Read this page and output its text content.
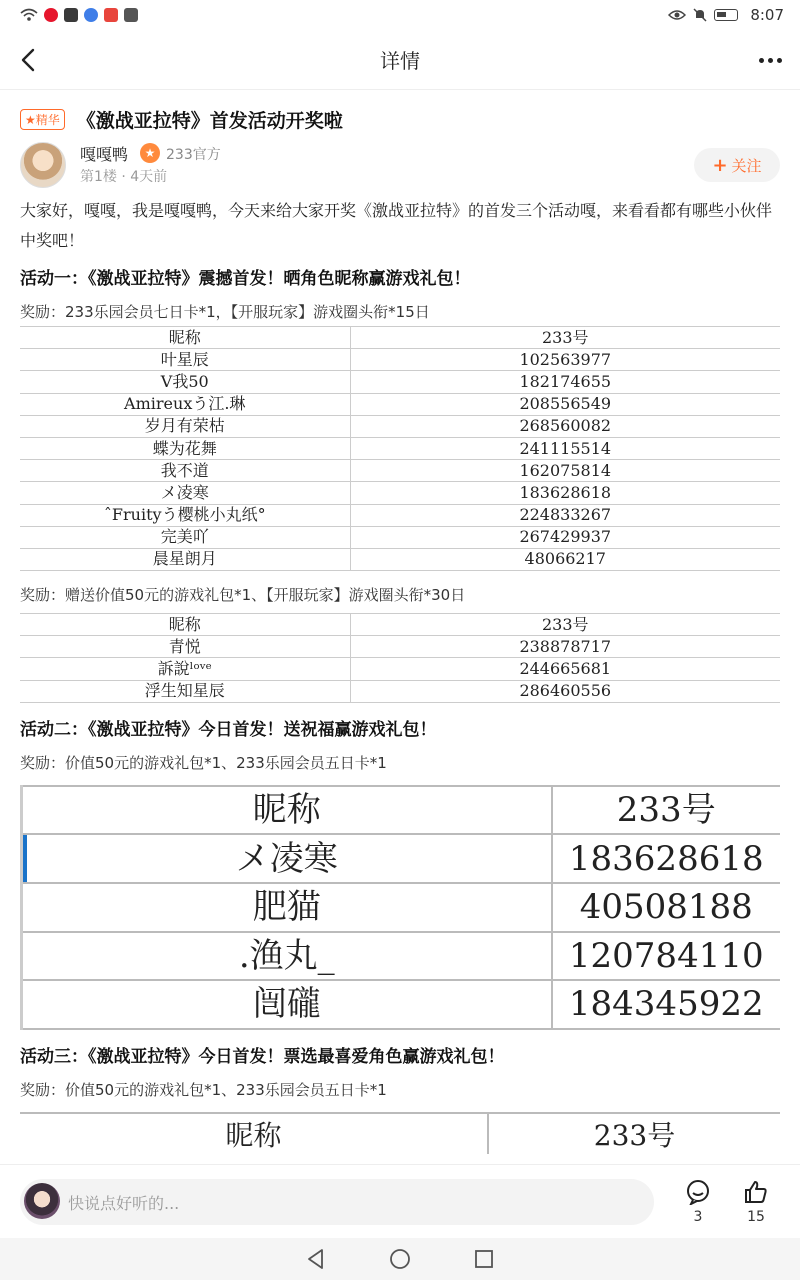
8:07
详情
★精华 《激战亚拉特》首发活动开奖啦
嘎嘎鸭	★ 233官方
第1楼 · 4天前
+ 关注

大家好，嘎嘎，我是嘎嘎鸭，今天来给大家开奖《激战亚拉特》的首发三个活动嘎，来看看都有哪些小伙伴中奖吧！

活动一：《激战亚拉特》震撼首发！晒角色昵称赢游戏礼包！

奖励：233乐园会员七日卡*1，【开服玩家】游戏圈头衔*15日

昵称	233号
叶星辰	102563977
V我50	182174655
Amireuxう江.琳	208556549
岁月有荣枯	268560082
蝶为花舞	241115514
我不道	162075814
メ凌寒	183628618
ˆFruityう樱桃小丸纸°	224833267
完美吖	267429937
晨星朗月	48066217

奖励：赠送价值50元的游戏礼包*1、【开服玩家】游戏圈头衔*30日

昵称	233号
青悦	238878717
訴說ˡᵒᵛᵉ	244665681
浮生知星辰	286460556

活动二：《激战亚拉特》今日首发！送祝福赢游戏礼包！

奖励：价值50元的游戏礼包*1、233乐园会员五日卡*1

昵称	233号
メ凌寒	183628618
肥猫	40508188
.渔丸_	120784110
闿礲	184345922

活动三：《激战亚拉特》今日首发！票选最喜爱角色赢游戏礼包！

奖励：价值50元的游戏礼包*1、233乐园会员五日卡*1

昵称	233号
快说点好听的...
3	15
